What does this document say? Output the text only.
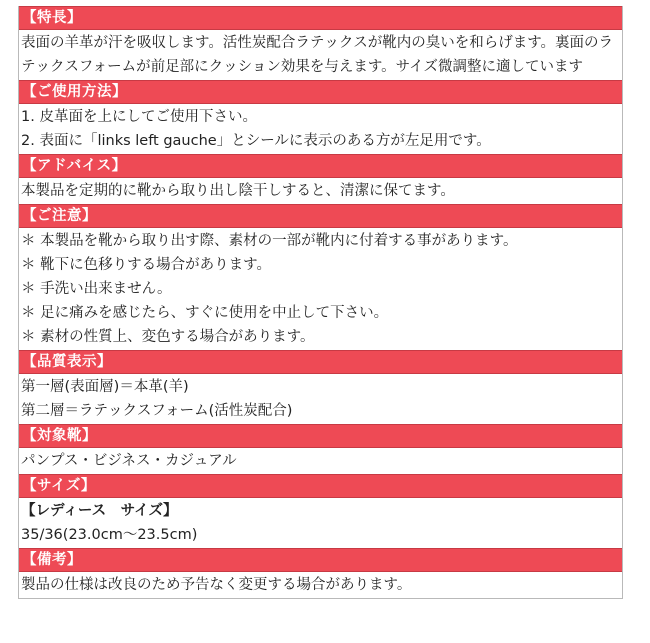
【特長】
表面の羊革が汗を吸収します。活性炭配合ラテックスが靴内の臭いを和らげます。裏面のラテックスフォームが前足部にクッション効果を与えます。サイズ微調整に適しています
【ご使用方法】
1. 皮革面を上にしてご使用下さい。
2. 表面に「links left gauche」とシールに表示のある方が左足用です。
【アドバイス】
本製品を定期的に靴から取り出し陰干しすると、清潔に保てます。
【ご注意】
＊ 本製品を靴から取り出す際、素材の一部が靴内に付着する事があります。
＊ 靴下に色移りする場合があります。
＊ 手洗い出来ません。
＊ 足に痛みを感じたら、すぐに使用を中止して下さい。
＊ 素材の性質上、変色する場合があります。
【品質表示】
第一層(表面層)＝本革(羊)
第二層＝ラテックスフォーム(活性炭配合)
【対象靴】
パンプス・ビジネス・カジュアル
【サイズ】
【レディース　サイズ】
35/36(23.0cm～23.5cm)
【備考】
製品の仕様は改良のため予告なく変更する場合があります。
